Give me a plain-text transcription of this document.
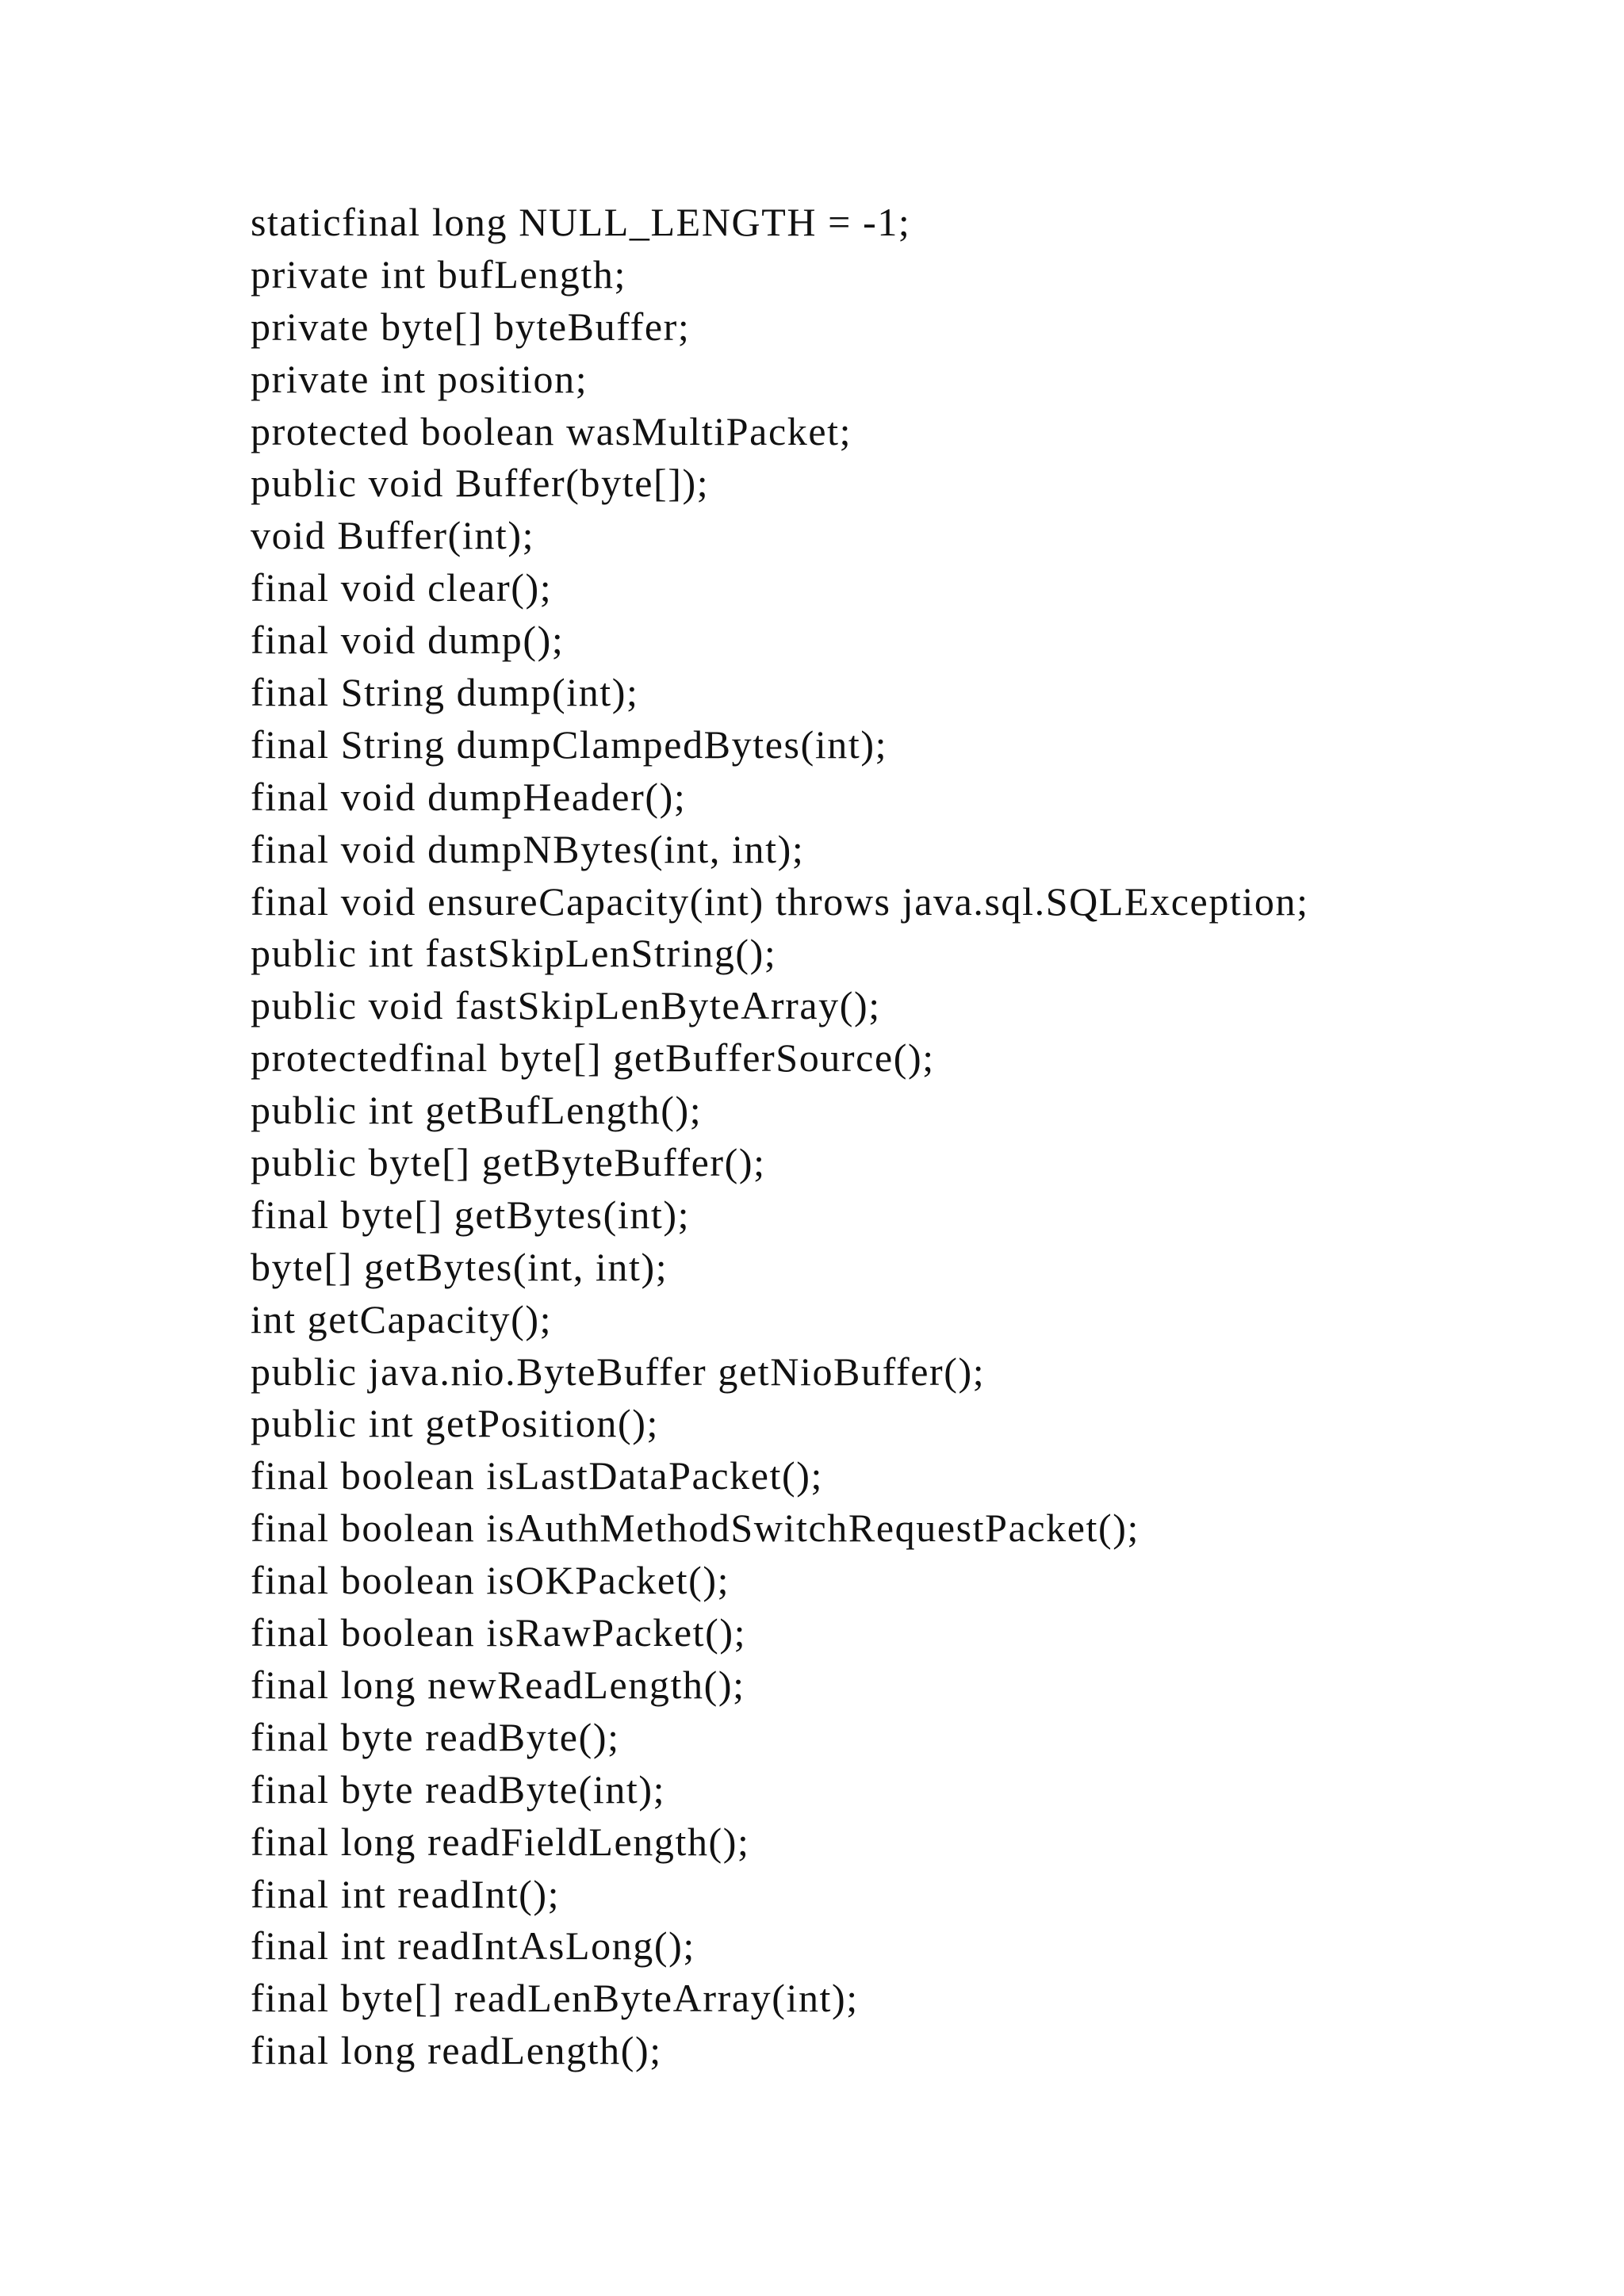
staticfinal long NULL_LENGTH = -1;
private int bufLength;
private byte[] byteBuffer;
private int position;
protected boolean wasMultiPacket;
public void Buffer(byte[]);
void Buffer(int);
final void clear();
final void dump();
final String dump(int);
final String dumpClampedBytes(int);
final void dumpHeader();
final void dumpNBytes(int, int);
final void ensureCapacity(int) throws java.sql.SQLException;
public int fastSkipLenString();
public void fastSkipLenByteArray();
protectedfinal byte[] getBufferSource();
public int getBufLength();
public byte[] getByteBuffer();
final byte[] getBytes(int);
byte[] getBytes(int, int);
int getCapacity();
public java.nio.ByteBuffer getNioBuffer();
public int getPosition();
final boolean isLastDataPacket();
final boolean isAuthMethodSwitchRequestPacket();
final boolean isOKPacket();
final boolean isRawPacket();
final long newReadLength();
final byte readByte();
final byte readByte(int);
final long readFieldLength();
final int readInt();
final int readIntAsLong();
final byte[] readLenByteArray(int);
final long readLength();
